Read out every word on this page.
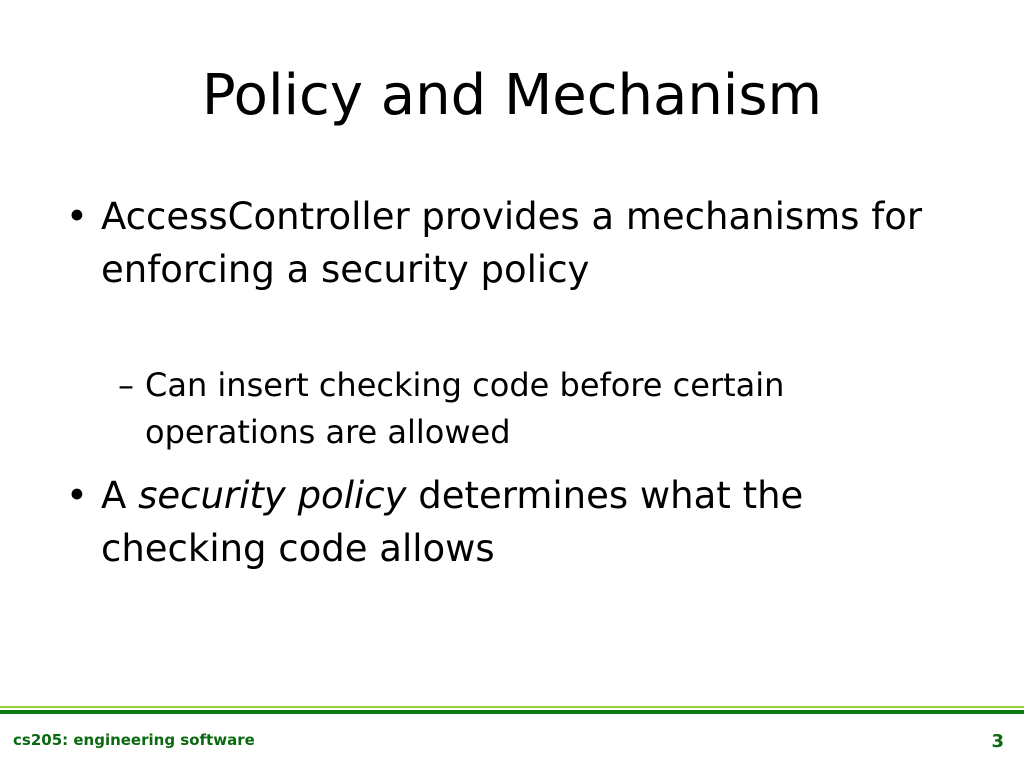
Policy and Mechanism
• AccessController provides a mechanisms for enforcing a security policy
– Can insert checking code before certain operations are allowed
• A security policy determines what the checking code allows
cs205: engineering software	3
